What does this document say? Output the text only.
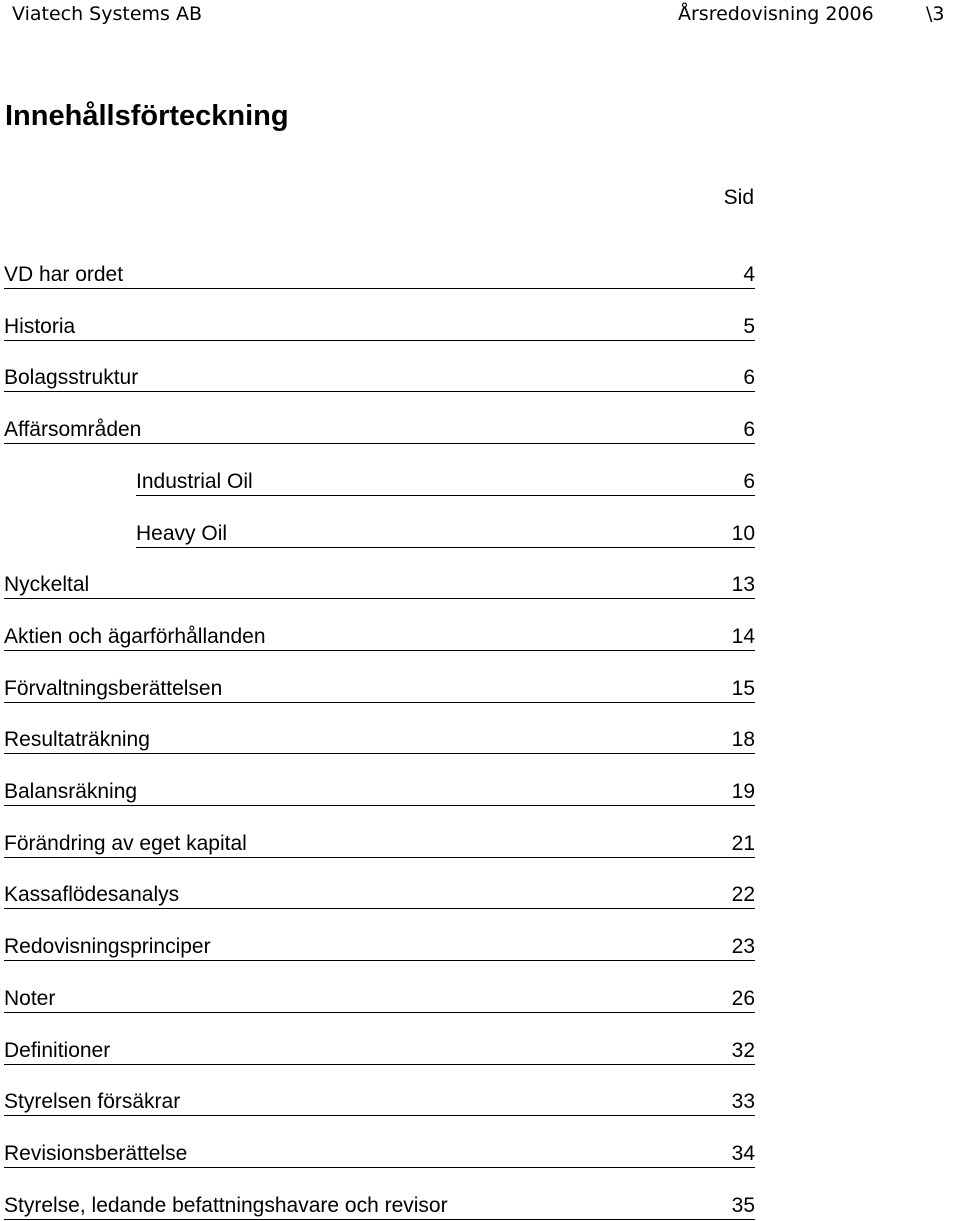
Viatech Systems AB	Årsredovisning 2006	\3
Innehållsförteckning
Sid
VD har ordet	4
Historia	5
Bolagsstruktur	6
Affärsområden	6
Industrial Oil	6
Heavy Oil	10
Nyckeltal	13
Aktien och ägarförhållanden	14
Förvaltningsberättelsen	15
Resultaträkning	18
Balansräkning	19
Förändring av eget kapital	21
Kassaflödesanalys	22
Redovisningsprinciper	23
Noter	26
Definitioner	32
Styrelsen försäkrar	33
Revisionsberättelse	34
Styrelse, ledande befattningshavare och revisor	35
